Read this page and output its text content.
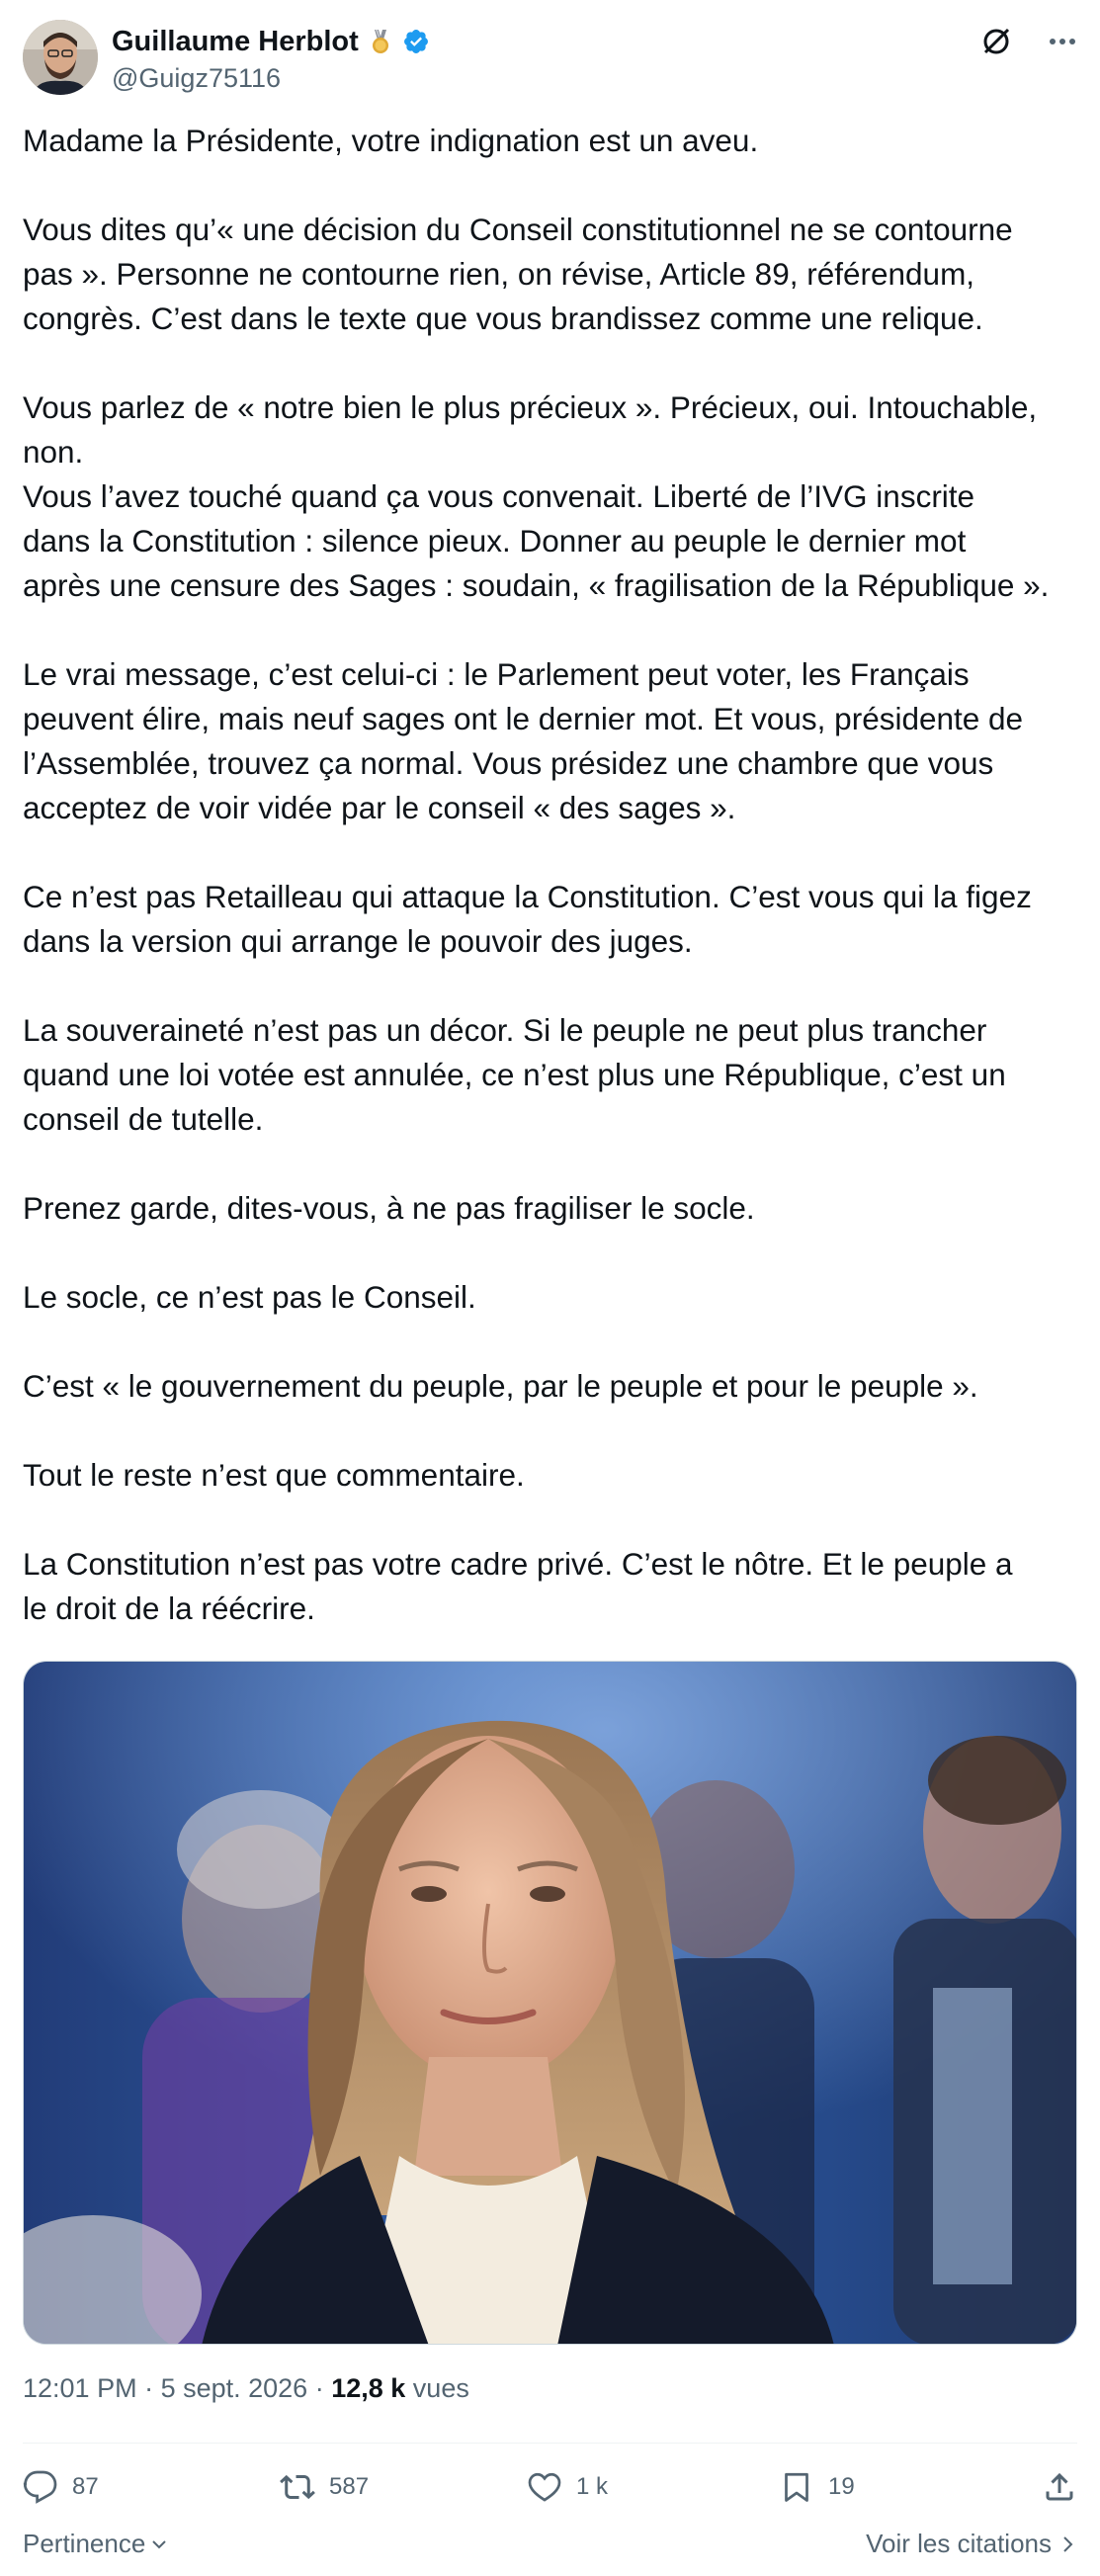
Guillaume Herblot
@Guigz75116

Madame la Présidente, votre indignation est un aveu.

Vous dites qu’« une décision du Conseil constitutionnel ne se contourne
pas ». Personne ne contourne rien, on révise, Article 89, référendum,
congrès. C’est dans le texte que vous brandissez comme une relique.

Vous parlez de « notre bien le plus précieux ». Précieux, oui. Intouchable,
non.
Vous l’avez touché quand ça vous convenait. Liberté de l’IVG inscrite
dans la Constitution : silence pieux. Donner au peuple le dernier mot
après une censure des Sages : soudain, « fragilisation de la République ».

Le vrai message, c’est celui-ci : le Parlement peut voter, les Français
peuvent élire, mais neuf sages ont le dernier mot. Et vous, présidente de
l’Assemblée, trouvez ça normal. Vous présidez une chambre que vous
acceptez de voir vidée par le conseil « des sages ».

Ce n’est pas Retailleau qui attaque la Constitution. C’est vous qui la figez
dans la version qui arrange le pouvoir des juges.

La souveraineté n’est pas un décor. Si le peuple ne peut plus trancher
quand une loi votée est annulée, ce n’est plus une République, c’est un
conseil de tutelle.

Prenez garde, dites-vous, à ne pas fragiliser le socle.

Le socle, ce n’est pas le Conseil.

C’est « le gouvernement du peuple, par le peuple et pour le peuple ».

Tout le reste n’est que commentaire.

La Constitution n’est pas votre cadre privé. C’est le nôtre. Et le peuple a
le droit de la réécrire.

12:01 PM · 5 sept. 2026 · 12,8 k vues
87	587	1 k	19
Pertinence	Voir les citations
